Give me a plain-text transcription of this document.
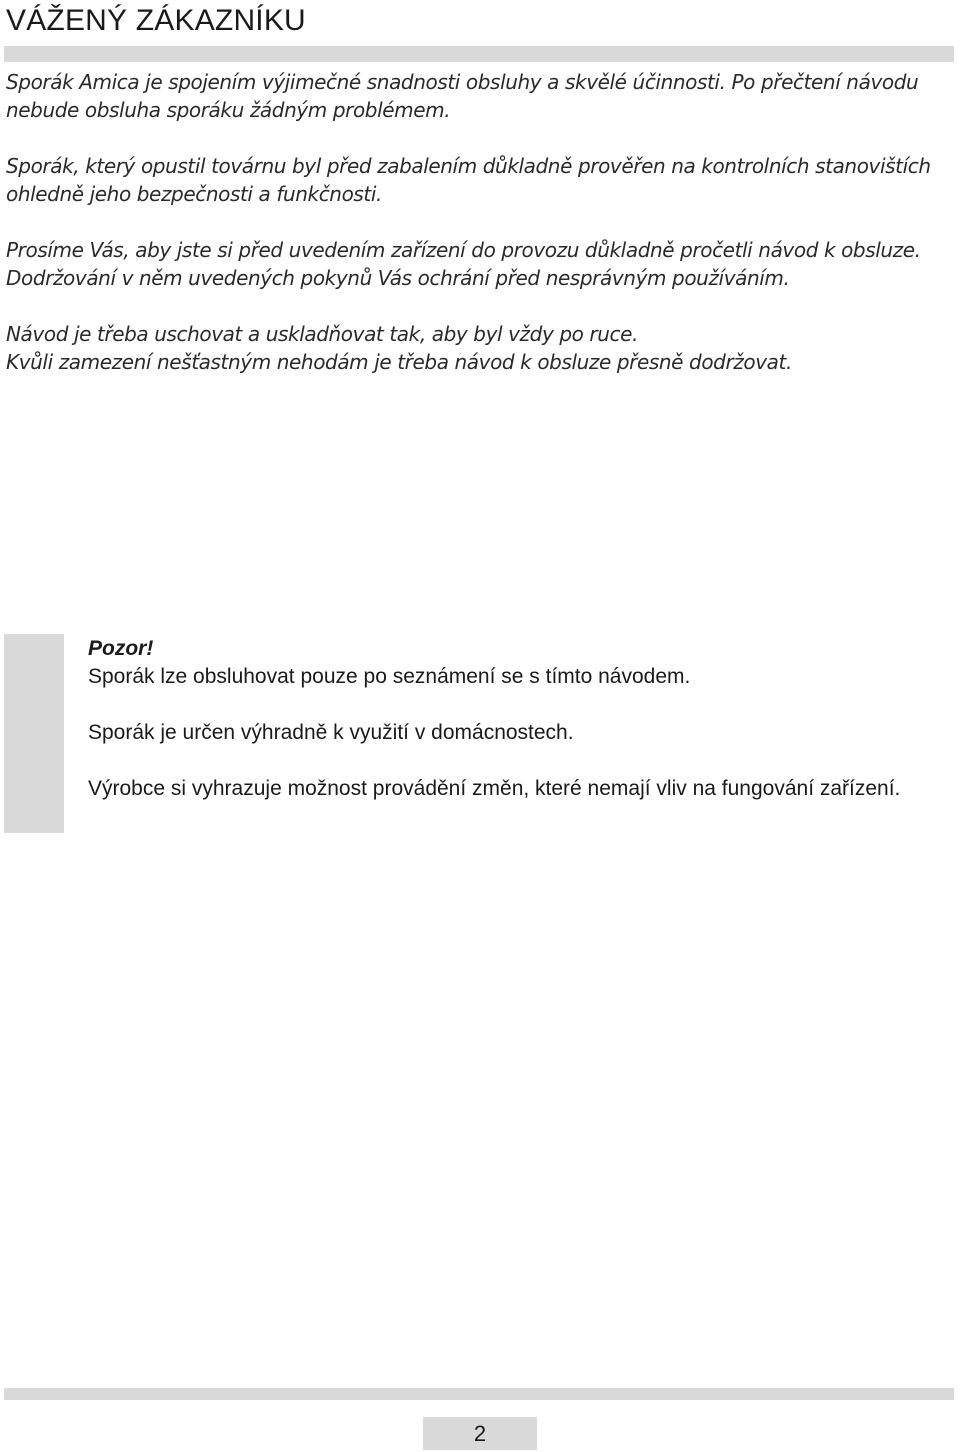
VÁŽENÝ ZÁKAZNÍKU

Sporák Amica je spojením výjimečné snadnosti obsluhy a skvělé účinnosti. Po přečtení návodu nebude obsluha sporáku žádným problémem.

Sporák, který opustil továrnu byl před zabalením důkladně prověřen na kontrolních stanovištích ohledně jeho bezpečnosti a funkčnosti.

Prosíme Vás, aby jste si před uvedením zařízení do provozu důkladně pročetli návod k obsluze. Dodržování v něm uvedených pokynů Vás ochrání před nesprávným používáním.

Návod je třeba uschovat a uskladňovat tak, aby byl vždy po ruce.

Kvůli zamezení nešťastným nehodám je třeba návod k obsluze přesně dodržovat.

Pozor!

Sporák lze obsluhovat pouze po seznámení se s tímto návodem.

Sporák je určen výhradně k využití v domácnostech.

Výrobce si vyhrazuje možnost provádění změn, které nemají vliv na fungování zařízení.

2
